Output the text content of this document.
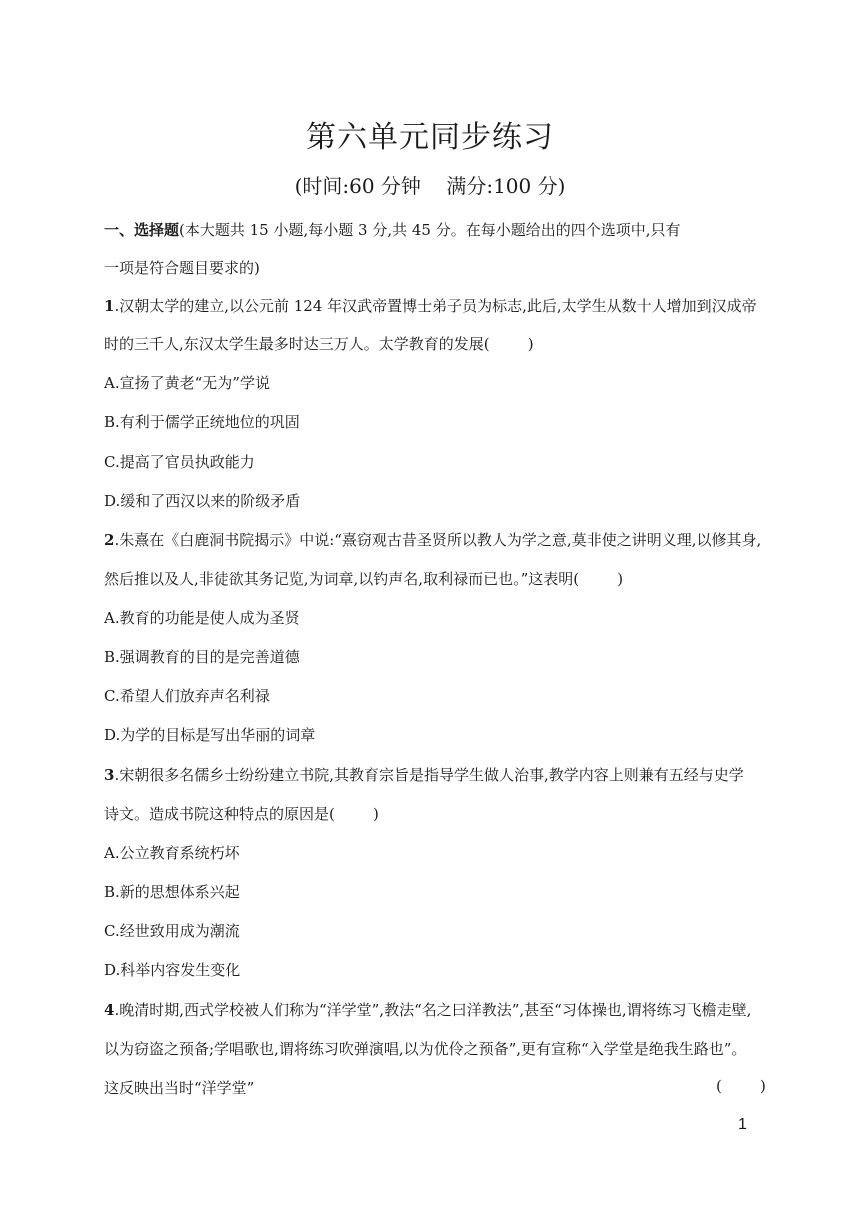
第六单元同步练习
(时间:60 分钟    满分:100 分)
一、选择题(本大题共 15 小题,每小题 3 分,共 45 分。在每小题给出的四个选项中,只有
一项是符合题目要求的)
1.汉朝太学的建立,以公元前 124 年汉武帝置博士弟子员为标志,此后,太学生从数十人增加到汉成帝
时的三千人,东汉太学生最多时达三万人。太学教育的发展(        )
A.宣扬了黄老“无为”学说
B.有利于儒学正统地位的巩固
C.提高了官员执政能力
D.缓和了西汉以来的阶级矛盾
2.朱熹在《白鹿洞书院揭示》中说:“熹窃观古昔圣贤所以教人为学之意,莫非使之讲明义理,以修其身,
然后推以及人,非徒欲其务记览,为词章,以钓声名,取利禄而已也。”这表明(        )
A.教育的功能是使人成为圣贤
B.强调教育的目的是完善道德
C.希望人们放弃声名利禄
D.为学的目标是写出华丽的词章
3.宋朝很多名儒乡士纷纷建立书院,其教育宗旨是指导学生做人治事,教学内容上则兼有五经与史学
诗文。造成书院这种特点的原因是(        )
A.公立教育系统朽坏
B.新的思想体系兴起
C.经世致用成为潮流
D.科举内容发生变化
4.晚清时期,西式学校被人们称为“洋学堂”,教法“名之曰洋教法”,甚至“习体操也,谓将练习飞檐走壁,
以为窃盗之预备;学唱歌也,谓将练习吹弹演唱,以为优伶之预备”,更有宣称“入学堂是绝我生路也”。
这反映出当时“洋学堂”	(        )
1
